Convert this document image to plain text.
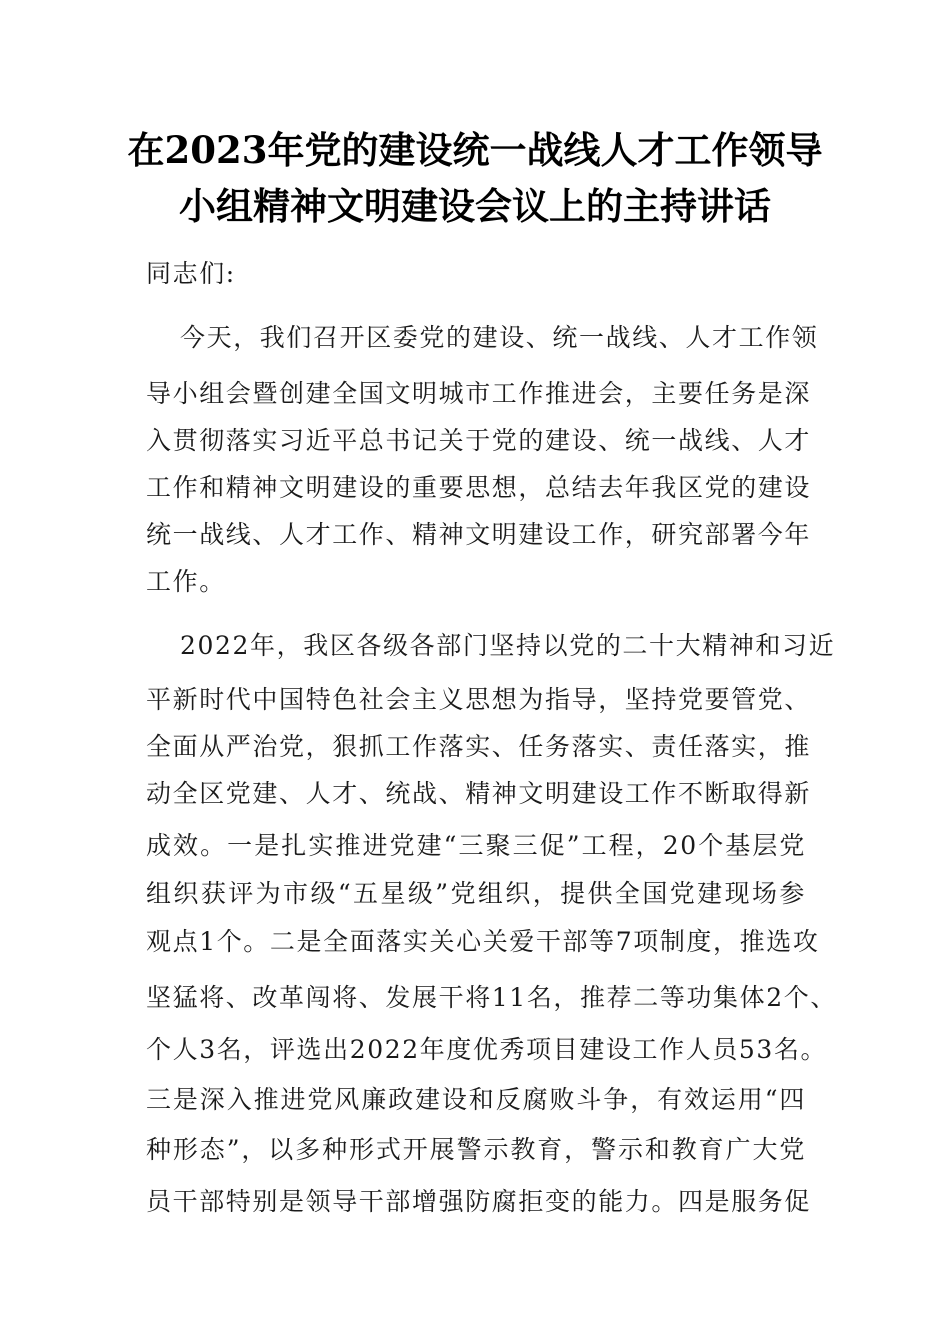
在2023年党的建设统一战线人才工作领导
小组精神文明建设会议上的主持讲话
同志们:
今天，我们召开区委党的建设、统一战线、人才工作领
导小组会暨创建全国文明城市工作推进会，主要任务是深
入贯彻落实习近平总书记关于党的建设、统一战线、人才
工作和精神文明建设的重要思想，总结去年我区党的建设
统一战线、人才工作、精神文明建设工作，研究部署今年
工作。
2022年，我区各级各部门坚持以党的二十大精神和习近
平新时代中国特色社会主义思想为指导，坚持党要管党、
全面从严治党，狠抓工作落实、任务落实、责任落实，推
动全区党建、人才、统战、精神文明建设工作不断取得新
成效。一是扎实推进党建“三聚三促”工程，20个基层党
组织获评为市级“五星级”党组织，提供全国党建现场参
观点1个。二是全面落实关心关爱干部等7项制度，推选攻
坚猛将、改革闯将、发展干将11名，推荐二等功集体2个、
个人3名，评选出2022年度优秀项目建设工作人员53名。
三是深入推进党风廉政建设和反腐败斗争，有效运用“四
种形态”，以多种形式开展警示教育，警示和教育广大党
员干部特别是领导干部增强防腐拒变的能力。四是服务促
